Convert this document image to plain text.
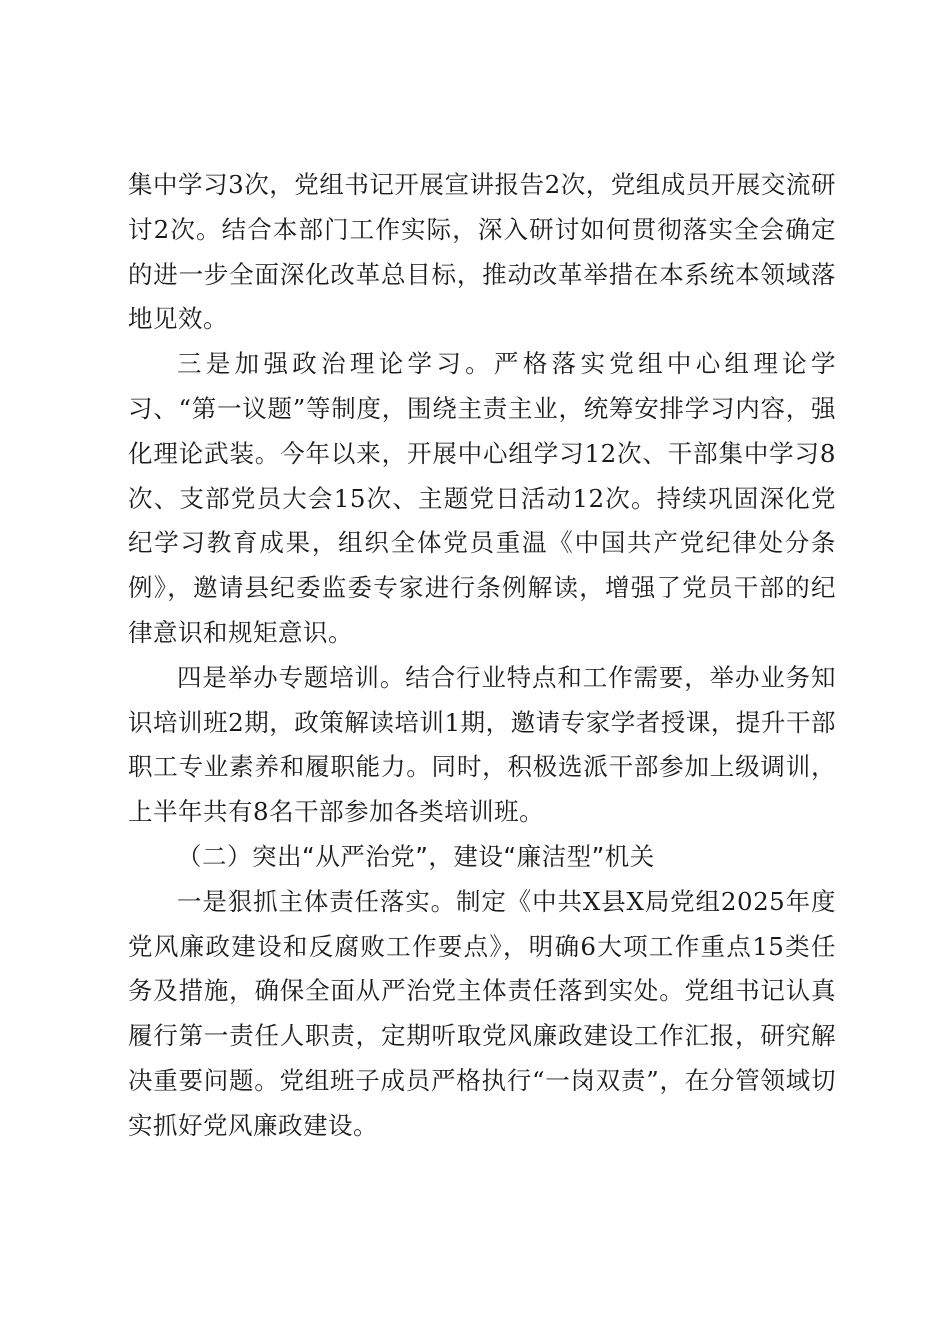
集中学习3次，党组书记开展宣讲报告2次，党组成员开展交流研讨2次。结合本部门工作实际，深入研讨如何贯彻落实全会确定的进一步全面深化改革总目标，推动改革举措在本系统本领域落地见效。

三是加强政治理论学习。严格落实党组中心组理论学习、“第一议题”等制度，围绕主责主业，统筹安排学习内容，强化理论武装。今年以来，开展中心组学习12次、干部集中学习8次、支部党员大会15次、主题党日活动12次。持续巩固深化党纪学习教育成果，组织全体党员重温《中国共产党纪律处分条例》，邀请县纪委监委专家进行条例解读，增强了党员干部的纪律意识和规矩意识。

四是举办专题培训。结合行业特点和工作需要，举办业务知识培训班2期，政策解读培训1期，邀请专家学者授课，提升干部职工专业素养和履职能力。同时，积极选派干部参加上级调训，上半年共有8名干部参加各类培训班。

（二）突出“从严治党”，建设“廉洁型”机关

一是狠抓主体责任落实。制定《中共X县X局党组2025年度党风廉政建设和反腐败工作要点》，明确6大项工作重点15类任务及措施，确保全面从严治党主体责任落到实处。党组书记认真履行第一责任人职责，定期听取党风廉政建设工作汇报，研究解决重要问题。党组班子成员严格执行“一岗双责”，在分管领域切实抓好党风廉政建设。
